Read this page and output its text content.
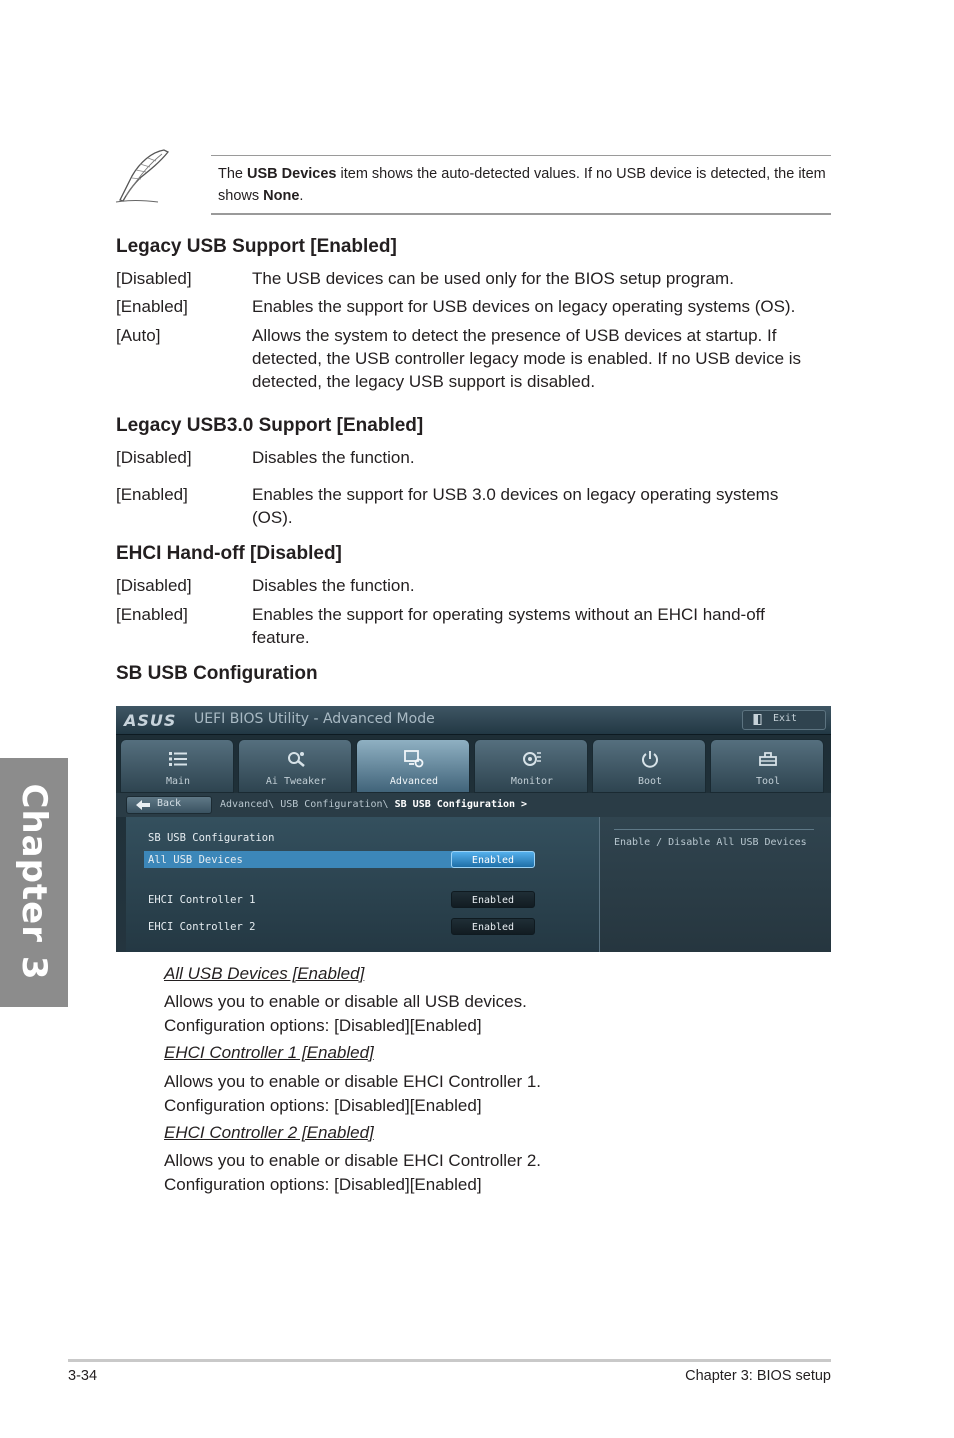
Chapter 3
The USB Devices item shows the auto-detected values. If no USB device is detected, the item shows None.
Legacy USB Support [Enabled]
[Disabled]	The USB devices can be used only for the BIOS setup program.
[Enabled]	Enables the support for USB devices on legacy operating systems (OS).
[Auto]	Allows the system to detect the presence of USB devices at startup. If detected, the USB controller legacy mode is enabled. If no USB device is detected, the legacy USB support is disabled.
Legacy USB3.0 Support [Enabled]
[Disabled]	Disables the function.
[Enabled]	Enables the support for USB 3.0 devices on legacy operating systems (OS).
EHCI Hand-off [Disabled]
[Disabled]	Disables the function.
[Enabled]	Enables the support for operating systems without an EHCI hand-off feature.
SB USB Configuration
ASUS UEFI BIOS Utility - Advanced Mode	Exit
Main	Ai Tweaker	Advanced	Monitor	Boot	Tool
Back	Advanced\ USB Configuration\ SB USB Configuration >
SB USB Configuration
All USB Devices	Enabled
EHCI Controller 1	Enabled
EHCI Controller 2	Enabled
Enable / Disable All USB Devices
All USB Devices [Enabled]
Allows you to enable or disable all USB devices.
Configuration options: [Disabled][Enabled]
EHCI Controller 1 [Enabled]
Allows you to enable or disable EHCI Controller 1.
Configuration options: [Disabled][Enabled]
EHCI Controller 2 [Enabled]
Allows you to enable or disable EHCI Controller 2.
Configuration options: [Disabled][Enabled]
3-34	Chapter 3: BIOS setup
